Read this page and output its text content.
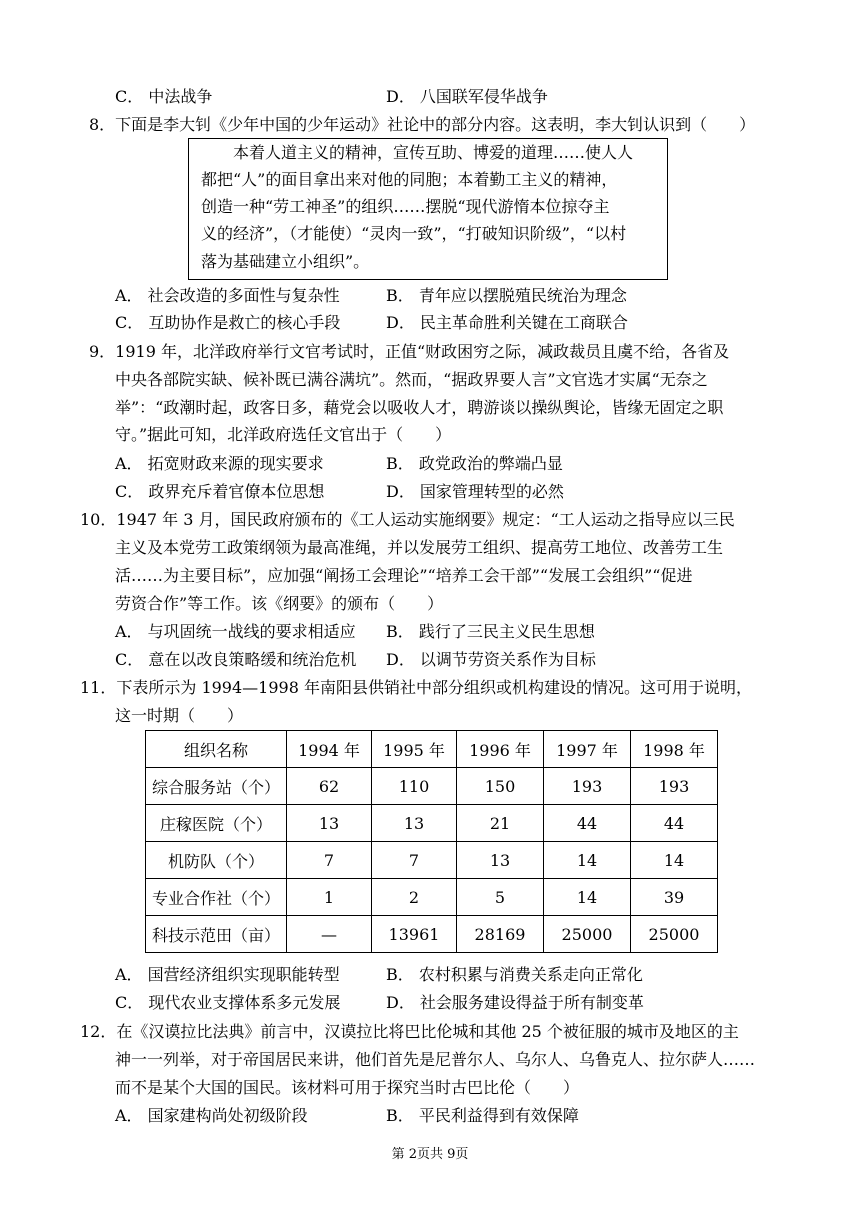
C． 中法战争	D． 八国联军侵华战争
8．下面是李大钊《少年中国的少年运动》社论中的部分内容。这表明，李大钊认识到（　　）
本着人道主义的精神，宣传互助、博爱的道理……使人人
都把“人”的面目拿出来对他的同胞；本着勤工主义的精神，
创造一种“劳工神圣”的组织……摆脱“现代游惰本位掠夺主
义的经济”，（才能使）“灵肉一致”，“打破知识阶级”，“以村
落为基础建立小组织”。
A． 社会改造的多面性与复杂性	B． 青年应以摆脱殖民统治为理念
C． 互助协作是救亡的核心手段	D． 民主革命胜利关键在工商联合
9．1919 年，北洋政府举行文官考试时，正值“财政困穷之际，减政裁员且虞不给，各省及
中央各部院实缺、候补既已满谷满坑”。然而，“据政界要人言”文官选才实属“无奈之
举”：“政潮时起，政客日多，藉党会以吸收人才，聘游谈以操纵舆论，皆缘无固定之职
守。”据此可知，北洋政府选任文官出于（　　）
A． 拓宽财政来源的现实要求	B． 政党政治的弊端凸显
C． 政界充斥着官僚本位思想	D． 国家管理转型的必然
10．1947 年 3 月，国民政府颁布的《工人运动实施纲要》规定：“工人运动之指导应以三民
主义及本党劳工政策纲领为最高准绳，并以发展劳工组织、提高劳工地位、改善劳工生
活……为主要目标”，应加强“阐扬工会理论”“培养工会干部”“发展工会组织”“促进
劳资合作”等工作。该《纲要》的颁布（　　）
A． 与巩固统一战线的要求相适应 B． 践行了三民主义民生思想
C． 意在以改良策略缓和统治危机 D． 以调节劳资关系作为目标
11．下表所示为 1994—1998 年南阳县供销社中部分组织或机构建设的情况。这可用于说明，
这一时期（　　）
组织名称	1994 年	1995 年	1996 年	1997 年	1998 年
综合服务站（个）	62	110	150	193	193
庄稼医院（个）	13	13	21	44	44
机防队（个）	7	7	13	14	14
专业合作社（个）	1	2	5	14	39
科技示范田（亩）	—	13961	28169	25000	25000
A． 国营经济组织实现职能转型	B． 农村积累与消费关系走向正常化
C． 现代农业支撑体系多元发展	D． 社会服务建设得益于所有制变革
12．在《汉谟拉比法典》前言中，汉谟拉比将巴比伦城和其他 25 个被征服的城市及地区的主
神一一列举，对于帝国居民来讲，他们首先是尼普尔人、乌尔人、乌鲁克人、拉尔萨人……
而不是某个大国的国民。该材料可用于探究当时古巴比伦（　　）
A． 国家建构尚处初级阶段	B． 平民利益得到有效保障
第 2页共 9页
